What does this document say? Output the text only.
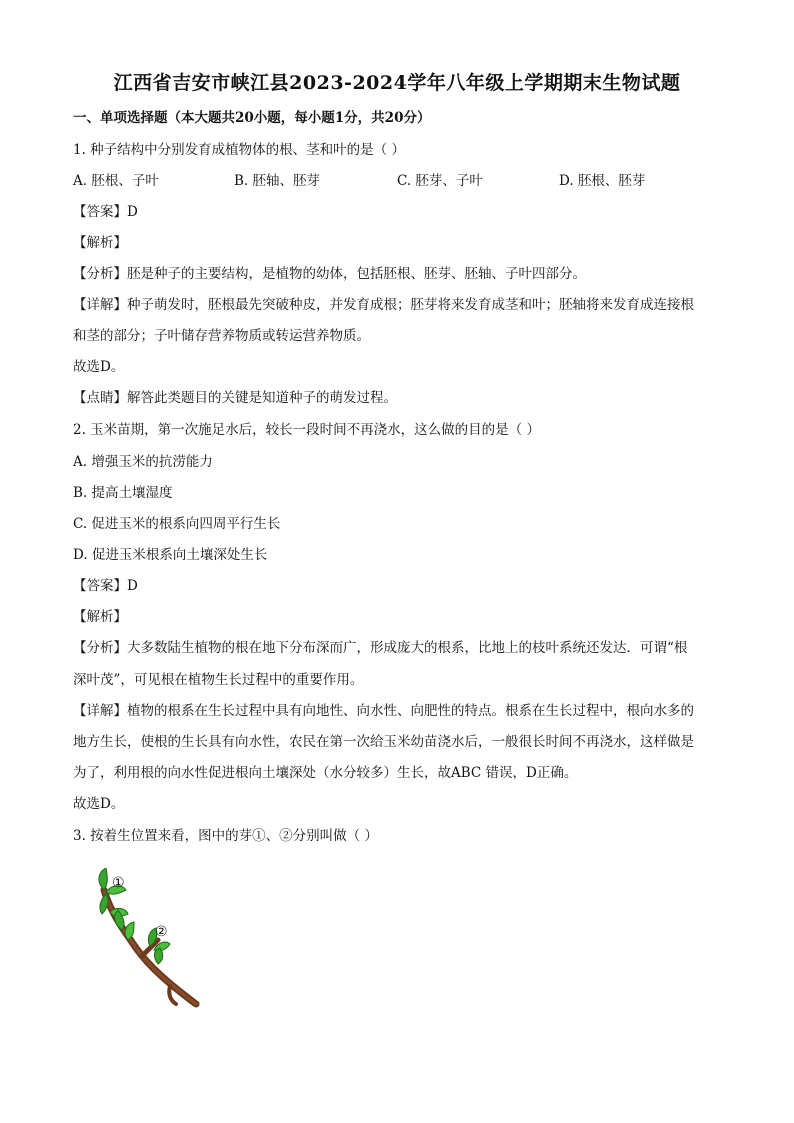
江西省吉安市峡江县2023-2024学年八年级上学期期末生物试题
一、单项选择题（本大题共20小题，每小题1分，共20分）
1. 种子结构中分别发育成植物体的根、茎和叶的是（ ）
A. 胚根、子叶	B. 胚轴、胚芽	C. 胚芽、子叶	D. 胚根、胚芽
【答案】D
【解析】
【分析】胚是种子的主要结构，是植物的幼体，包括胚根、胚芽、胚轴、子叶四部分。
【详解】种子萌发时，胚根最先突破种皮，并发育成根；胚芽将来发育成茎和叶；胚轴将来发育成连接根
和茎的部分；子叶储存营养物质或转运营养物质。
故选D。
【点睛】解答此类题目的关键是知道种子的萌发过程。
2. 玉米苗期，第一次施足水后，较长一段时间不再浇水，这么做的目的是（ ）
A. 增强玉米的抗涝能力
B. 提高土壤湿度
C. 促进玉米的根系向四周平行生长
D. 促进玉米根系向土壤深处生长
【答案】D
【解析】
【分析】大多数陆生植物的根在地下分布深而广，形成庞大的根系，比地上的枝叶系统还发达．可谓“根
深叶茂”，可见根在植物生长过程中的重要作用。
【详解】植物的根系在生长过程中具有向地性、向水性、向肥性的特点。根系在生长过程中，根向水多的
地方生长，使根的生长具有向水性，农民在第一次给玉米幼苗浇水后，一般很长时间不再浇水，这样做是
为了，利用根的向水性促进根向土壤深处（水分较多）生长，故ABC 错误，D正确。
故选D。
3. 按着生位置来看，图中的芽①、②分别叫做（ ）
①
②
